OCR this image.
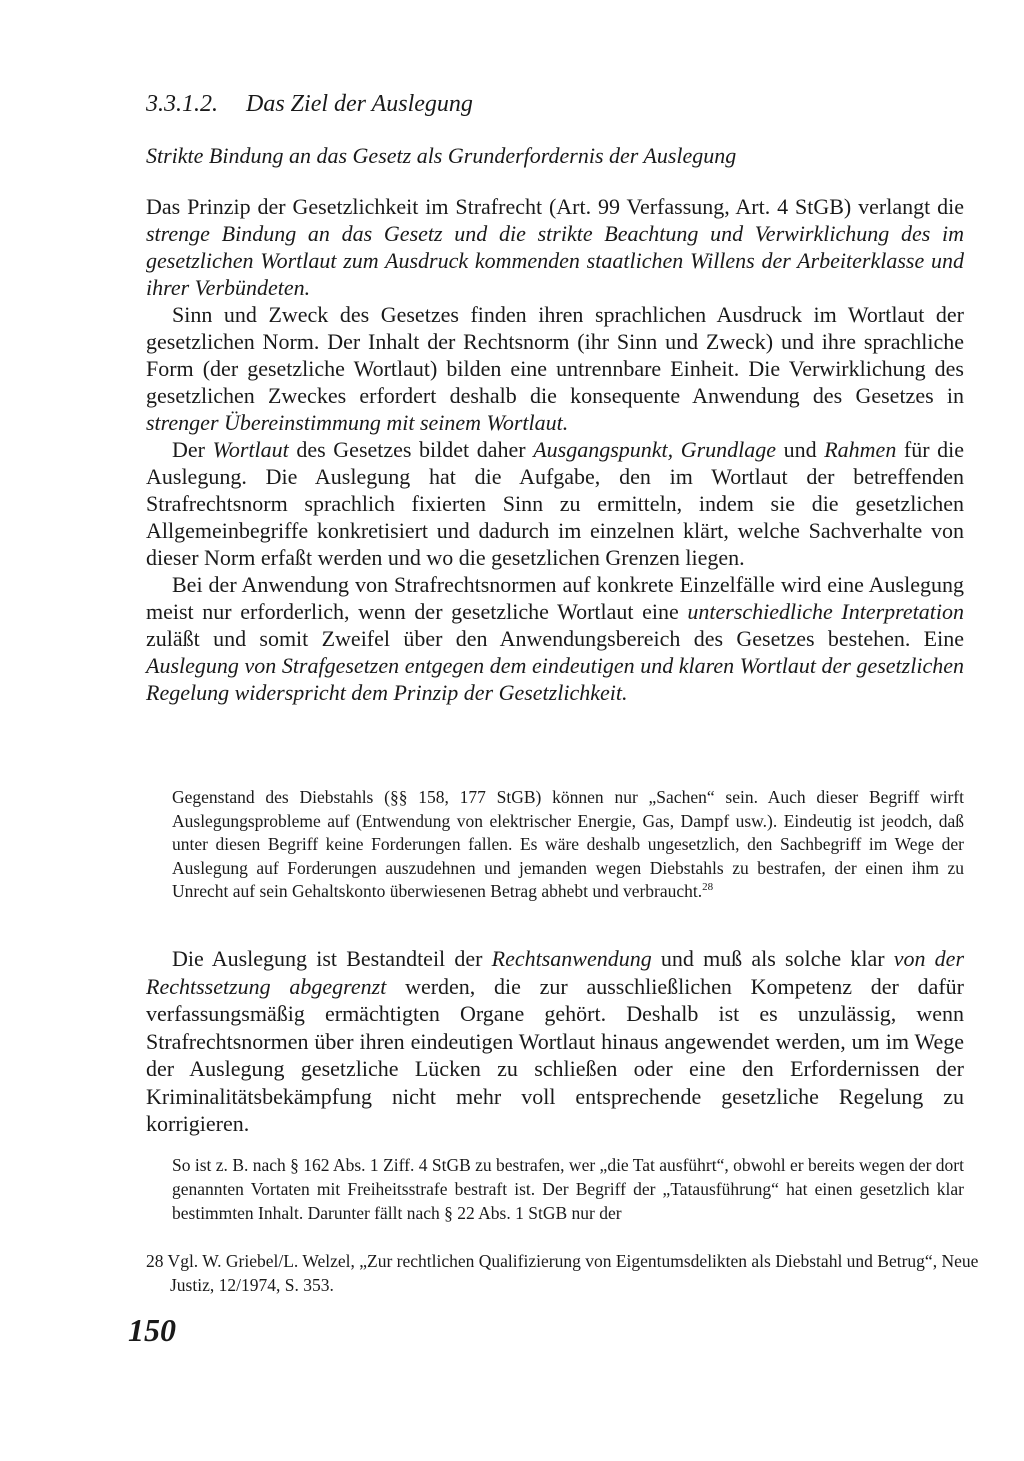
3.3.1.2. Das Ziel der Auslegung
Strikte Bindung an das Gesetz als Grunderfordernis der Auslegung

Das Prinzip der Gesetzlichkeit im Strafrecht (Art. 99 Verfassung, Art. 4 StGB) verlangt die strenge Bindung an das Gesetz und die strikte Beachtung und Verwirklichung des im gesetzlichen Wortlaut zum Ausdruck kommenden staatlichen Willens der Arbeiterklasse und ihrer Verbündeten.

Sinn und Zweck des Gesetzes finden ihren sprachlichen Ausdruck im Wortlaut der gesetzlichen Norm. Der Inhalt der Rechtsnorm (ihr Sinn und Zweck) und ihre sprachliche Form (der gesetzliche Wortlaut) bilden eine untrennbare Einheit. Die Verwirklichung des gesetzlichen Zweckes erfordert deshalb die konsequente Anwendung des Gesetzes in strenger Übereinstimmung mit seinem Wortlaut.

Der Wortlaut des Gesetzes bildet daher Ausgangspunkt, Grundlage und Rahmen für die Auslegung. Die Auslegung hat die Aufgabe, den im Wortlaut der betreffenden Strafrechtsnorm sprachlich fixierten Sinn zu ermitteln, indem sie die gesetzlichen Allgemeinbegriffe konkretisiert und dadurch im einzelnen klärt, welche Sachverhalte von dieser Norm erfaßt werden und wo die gesetzlichen Grenzen liegen.

Bei der Anwendung von Strafrechtsnormen auf konkrete Einzelfälle wird eine Auslegung meist nur erforderlich, wenn der gesetzliche Wortlaut eine unterschiedliche Interpretation zuläßt und somit Zweifel über den Anwendungsbereich des Gesetzes bestehen. Eine Auslegung von Strafgesetzen entgegen dem eindeutigen und klaren Wortlaut der gesetzlichen Regelung widerspricht dem Prinzip der Gesetzlichkeit.

Gegenstand des Diebstahls (§§ 158, 177 StGB) können nur „Sachen“ sein. Auch dieser Begriff wirft Auslegungsprobleme auf (Entwendung von elektrischer Energie, Gas, Dampf usw.). Eindeutig ist jeodch, daß unter diesen Begriff keine Forderungen fallen. Es wäre deshalb ungesetzlich, den Sachbegriff im Wege der Auslegung auf Forderungen auszudehnen und jemanden wegen Diebstahls zu bestrafen, der einen ihm zu Unrecht auf sein Gehaltskonto überwiesenen Betrag abhebt und verbraucht.$^{28}$

Die Auslegung ist Bestandteil der Rechtsanwendung und muß als solche klar von der Rechtssetzung abgegrenzt werden, die zur ausschließlichen Kompetenz der dafür verfassungsmäßig ermächtigten Organe gehört. Deshalb ist es unzulässig, wenn Strafrechtsnormen über ihren eindeutigen Wortlaut hinaus angewendet werden, um im Wege der Auslegung gesetzliche Lücken zu schließen oder eine den Erfordernissen der Kriminalitätsbekämpfung nicht mehr voll entsprechende gesetzliche Regelung zu korrigieren.

So ist z. B. nach § 162 Abs. 1 Ziff. 4 StGB zu bestrafen, wer „die Tat ausführt“, obwohl er bereits wegen der dort genannten Vortaten mit Freiheitsstrafe bestraft ist. Der Begriff der „Tatausführung“ hat einen gesetzlich klar bestimmten Inhalt. Darunter fällt nach § 22 Abs. 1 StGB nur der

28 Vgl. W. Griebel/L. Welzel, „Zur rechtlichen Qualifizierung von Eigentumsdelikten als Diebstahl und Betrug“, Neue Justiz, 12/1974, S. 353.

150
